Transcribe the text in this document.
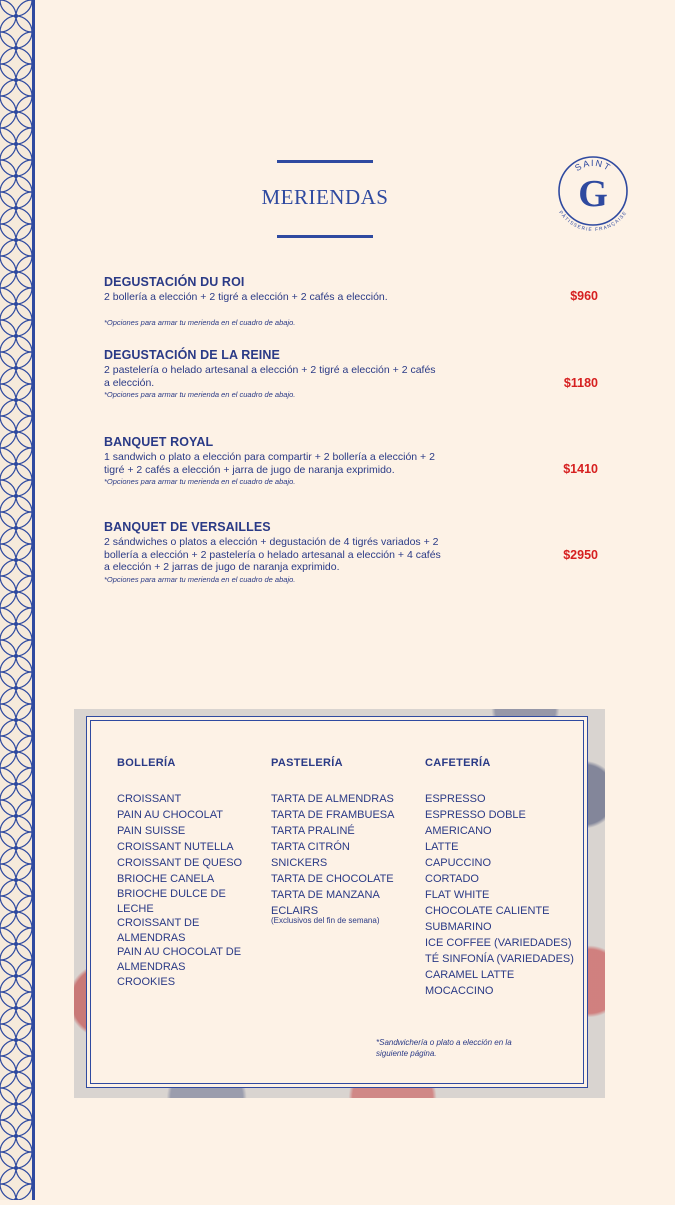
MERIENDAS
SAINT
G
PÂTISSERIE FRANÇAISE
DEGUSTACIÓN DU ROI
2 bollería a elección + 2 tigré a elección + 2 cafés a elección.
*Opciones para armar tu merienda en el cuadro de abajo.
$960
DEGUSTACIÓN DE LA REINE
2 pastelería o helado artesanal a elección + 2 tigré a elección + 2 cafés a elección.
*Opciones para armar tu merienda en el cuadro de abajo.
$1180
BANQUET ROYAL
1 sandwich o plato a elección para compartir + 2 bollería a elección + 2 tigré + 2 cafés a elección + jarra de jugo de naranja exprimido.
*Opciones para armar tu merienda en el cuadro de abajo.
$1410
BANQUET DE VERSAILLES
2 sándwiches o platos a elección + degustación de 4 tigrés variados + 2 bollería a elección + 2 pastelería o helado artesanal a elección + 4 cafés a elección + 2 jarras de jugo de naranja exprimido.
*Opciones para armar tu merienda en el cuadro de abajo.
$2950
BOLLERÍA
CROISSANT
PAIN AU CHOCOLAT
PAIN SUISSE
CROISSANT NUTELLA
CROISSANT DE QUESO
BRIOCHE CANELA
BRIOCHE DULCE DE LECHE
CROISSANT DE ALMENDRAS
PAIN AU CHOCOLAT DE ALMENDRAS
CROOKIES
PASTELERÍA
TARTA DE ALMENDRAS
TARTA DE FRAMBUESA
TARTA PRALINÉ
TARTA CITRÓN
SNICKERS
TARTA DE CHOCOLATE
TARTA DE MANZANA
ECLAIRS
(Exclusivos del fin de semana)
CAFETERÍA
ESPRESSO
ESPRESSO DOBLE
AMERICANO
LATTE
CAPUCCINO
CORTADO
FLAT WHITE
CHOCOLATE CALIENTE
SUBMARINO
ICE COFFEE (VARIEDADES)
TÉ SINFONÍA (VARIEDADES)
CARAMEL LATTE
MOCACCINO
*Sandwichería o plato a elección en la siguiente página.
